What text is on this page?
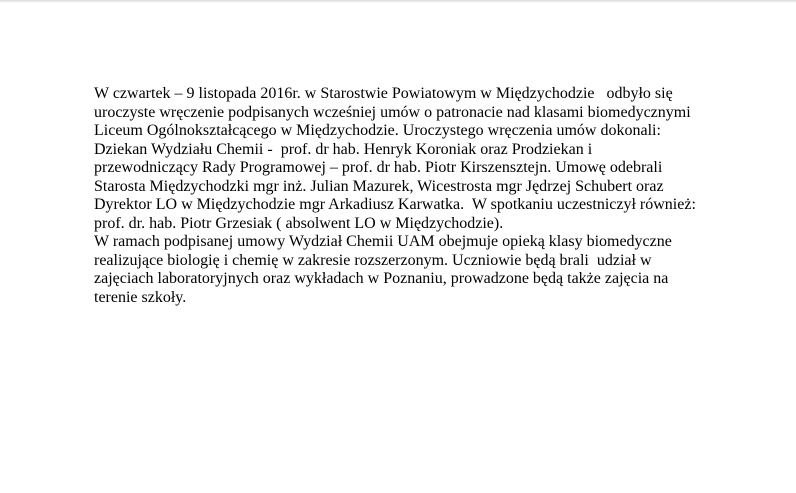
W czwartek – 9 listopada 2016r. w Starostwie Powiatowym w Międzychodzie   odbyło się
uroczyste wręczenie podpisanych wcześniej umów o patronacie nad klasami biomedycznymi
Liceum Ogólnokształcącego w Międzychodzie. Uroczystego wręczenia umów dokonali:
Dziekan Wydziału Chemii -  prof. dr hab. Henryk Koroniak oraz Prodziekan i
przewodniczący Rady Programowej – prof. dr hab. Piotr Kirszensztejn. Umowę odebrali
Starosta Międzychodzki mgr inż. Julian Mazurek, Wicestrosta mgr Jędrzej Schubert oraz
Dyrektor LO w Międzychodzie mgr Arkadiusz Karwatka.  W spotkaniu uczestniczył również:
prof. dr. hab. Piotr Grzesiak ( absolwent LO w Międzychodzie).
W ramach podpisanej umowy Wydział Chemii UAM obejmuje opieką klasy biomedyczne
realizujące biologię i chemię w zakresie rozszerzonym. Uczniowie będą brali  udział w
zajęciach laboratoryjnych oraz wykładach w Poznaniu, prowadzone będą także zajęcia na
terenie szkoły.
